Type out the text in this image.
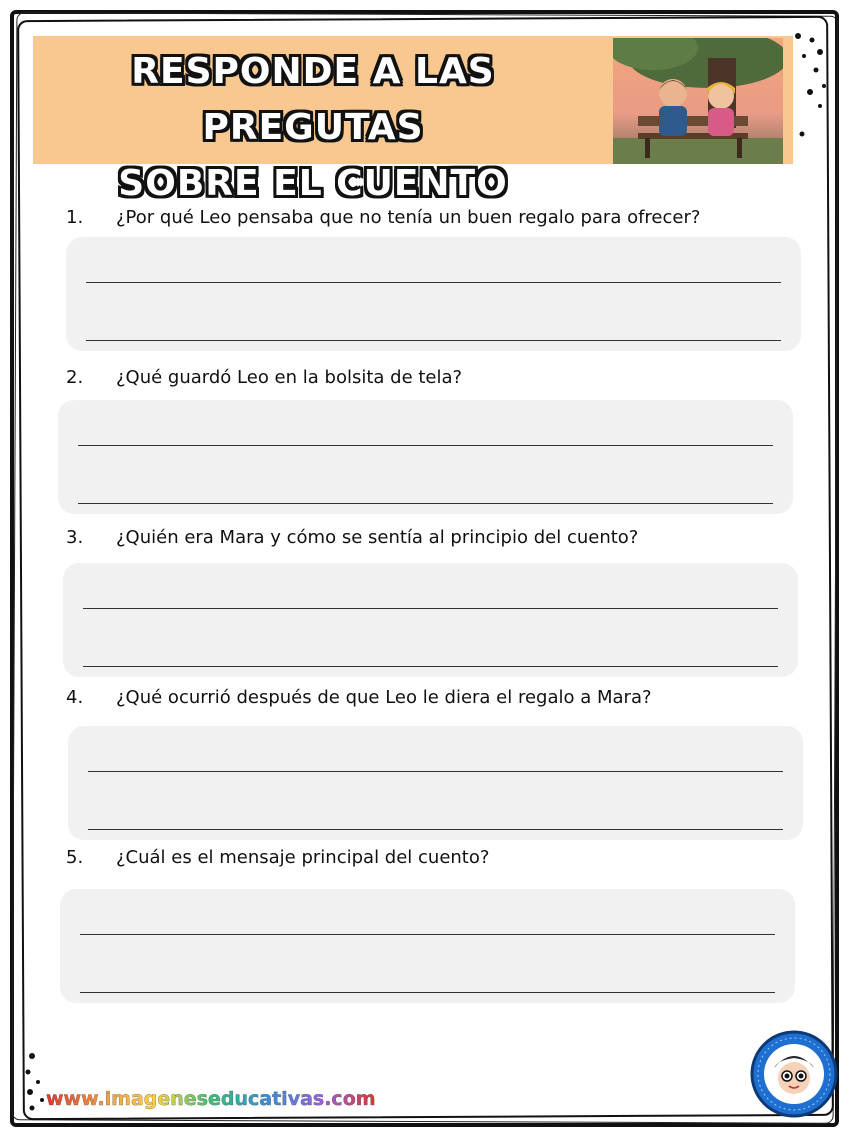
RESPONDE A LAS PREGUTAS
SOBRE EL CUENTO
1. ¿Por qué Leo pensaba que no tenía un buen regalo para ofrecer?
2. ¿Qué guardó Leo en la bolsita de tela?
3. ¿Quién era Mara y cómo se sentía al principio del cuento?
4. ¿Qué ocurrió después de que Leo le diera el regalo a Mara?
5. ¿Cuál es el mensaje principal del cuento?
www.imageneseducativas.com
